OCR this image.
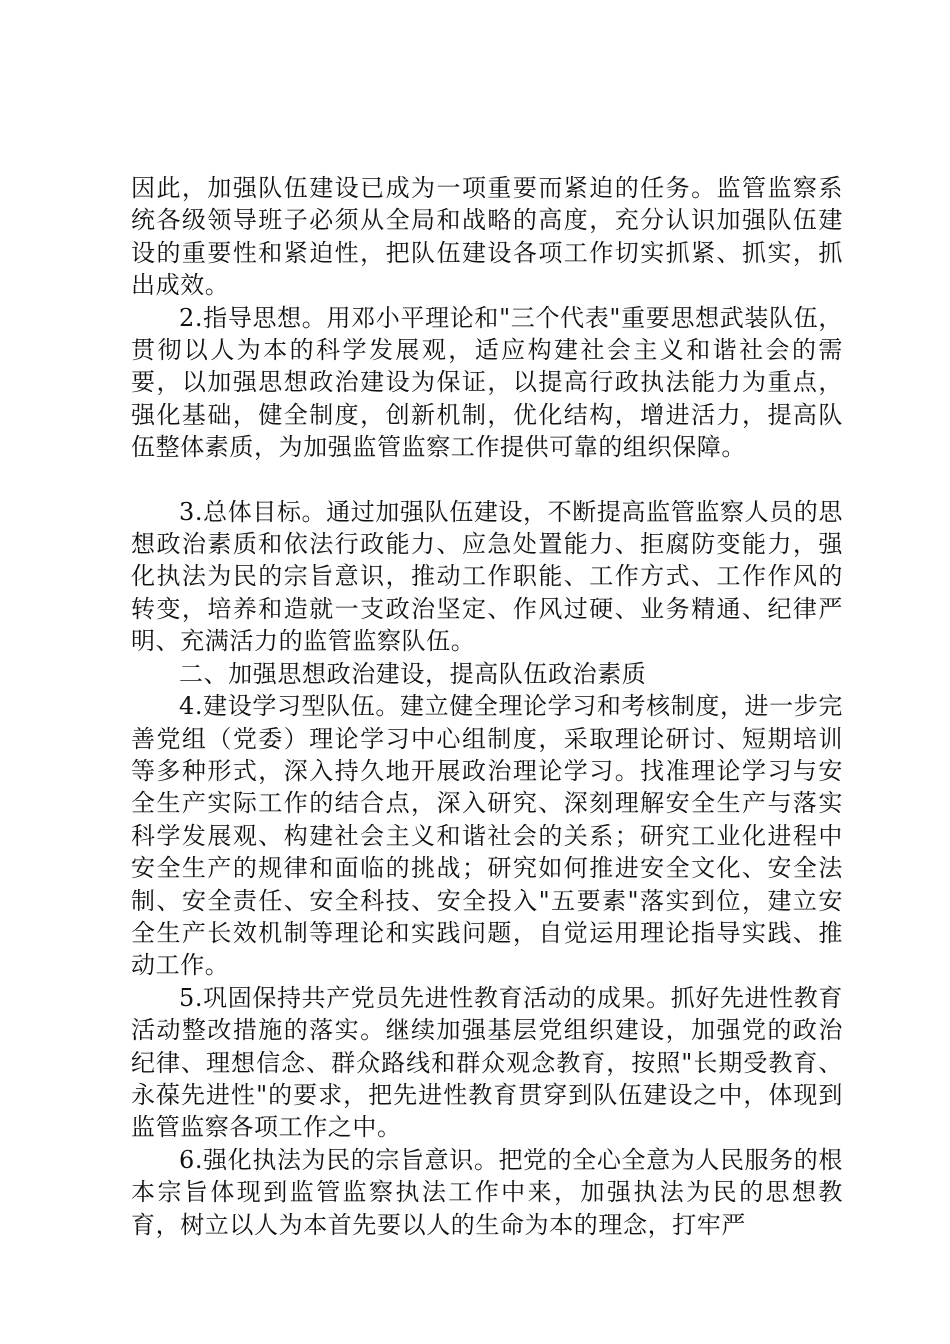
因此，加强队伍建设已成为一项重要而紧迫的任务。监管监察系统各级领导班子必须从全局和战略的高度，充分认识加强队伍建设的重要性和紧迫性，把队伍建设各项工作切实抓紧、抓实，抓出成效。

2.指导思想。用邓小平理论和"三个代表"重要思想武装队伍，贯彻以人为本的科学发展观，适应构建社会主义和谐社会的需要，以加强思想政治建设为保证，以提高行政执法能力为重点，强化基础，健全制度，创新机制，优化结构，增进活力，提高队伍整体素质，为加强监管监察工作提供可靠的组织保障。

3.总体目标。通过加强队伍建设，不断提高监管监察人员的思想政治素质和依法行政能力、应急处置能力、拒腐防变能力，强化执法为民的宗旨意识，推动工作职能、工作方式、工作作风的转变，培养和造就一支政治坚定、作风过硬、业务精通、纪律严明、充满活力的监管监察队伍。

二、加强思想政治建设，提高队伍政治素质

4.建设学习型队伍。建立健全理论学习和考核制度，进一步完善党组（党委）理论学习中心组制度，采取理论研讨、短期培训等多种形式，深入持久地开展政治理论学习。找准理论学习与安全生产实际工作的结合点，深入研究、深刻理解安全生产与落实科学发展观、构建社会主义和谐社会的关系；研究工业化进程中安全生产的规律和面临的挑战；研究如何推进安全文化、安全法制、安全责任、安全科技、安全投入"五要素"落实到位，建立安全生产长效机制等理论和实践问题，自觉运用理论指导实践、推动工作。

5.巩固保持共产党员先进性教育活动的成果。抓好先进性教育活动整改措施的落实。继续加强基层党组织建设，加强党的政治纪律、理想信念、群众路线和群众观念教育，按照"长期受教育、永葆先进性"的要求，把先进性教育贯穿到队伍建设之中，体现到监管监察各项工作之中。

6.强化执法为民的宗旨意识。把党的全心全意为人民服务的根本宗旨体现到监管监察执法工作中来，加强执法为民的思想教育，树立以人为本首先要以人的生命为本的理念，打牢严
